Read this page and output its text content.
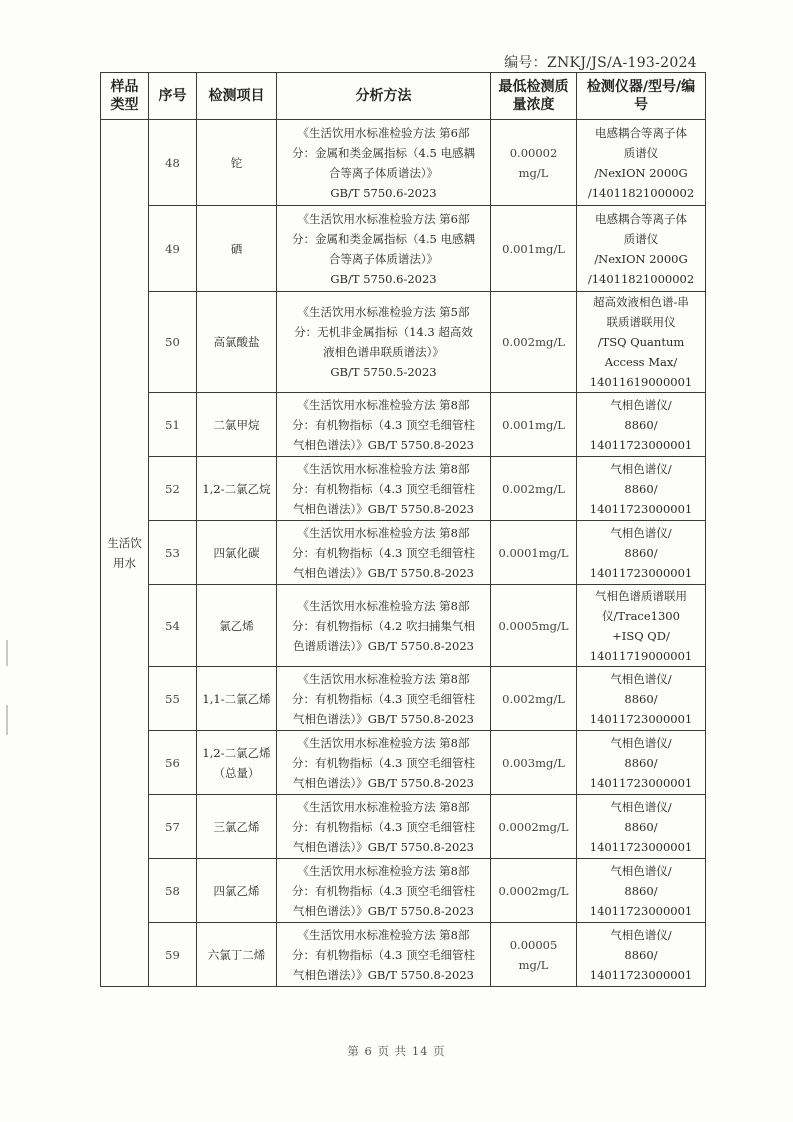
编号：ZNKJ/JS/A-193-2024
样品类型	序号	检测项目	分析方法	最低检测质量浓度	检测仪器/型号/编号
生活饮用水	48	铊	《生活饮用水标准检验方法 第6部
分：金属和类金属指标（4.5 电感耦
合等离子体质谱法）》
GB/T 5750.6-2023	0.00002
mg/L	电感耦合等离子体
质谱仪
/NexION 2000G
/14011821000002

	49	硒	《生活饮用水标准检验方法 第6部
分：金属和类金属指标（4.5 电感耦
合等离子体质谱法）》
GB/T 5750.6-2023	0.001mg/L	电感耦合等离子体
质谱仪
/NexION 2000G
/14011821000002

	50	高氯酸盐	《生活饮用水标准检验方法 第5部
分：无机非金属指标（14.3 超高效
液相色谱串联质谱法）》
GB/T 5750.5-2023	0.002mg/L	超高效液相色谱-串
联质谱联用仪
/TSQ Quantum
Access Max/
14011619000001

	51	二氯甲烷	《生活饮用水标准检验方法 第8部
分：有机物指标（4.3 顶空毛细管柱
气相色谱法）》GB/T 5750.8-2023	0.001mg/L	气相色谱仪/
8860/
14011723000001

	52	1,2-二氯乙烷	《生活饮用水标准检验方法 第8部
分：有机物指标（4.3 顶空毛细管柱
气相色谱法）》GB/T 5750.8-2023	0.002mg/L	气相色谱仪/
8860/
14011723000001

	53	四氯化碳	《生活饮用水标准检验方法 第8部
分：有机物指标（4.3 顶空毛细管柱
气相色谱法）》GB/T 5750.8-2023	0.0001mg/L	气相色谱仪/
8860/
14011723000001

	54	氯乙烯	《生活饮用水标准检验方法 第8部
分：有机物指标（4.2 吹扫捕集气相
色谱质谱法）》GB/T 5750.8-2023	0.0005mg/L	气相色谱质谱联用
仪/Trace1300
+ISQ QD/
14011719000001

	55	1,1-二氯乙烯	《生活饮用水标准检验方法 第8部
分：有机物指标（4.3 顶空毛细管柱
气相色谱法）》GB/T 5750.8-2023	0.002mg/L	气相色谱仪/
8860/
14011723000001

	56	1,2-二氯乙烯（总量）	《生活饮用水标准检验方法 第8部
分：有机物指标（4.3 顶空毛细管柱
气相色谱法）》GB/T 5750.8-2023	0.003mg/L	气相色谱仪/
8860/
14011723000001

	57	三氯乙烯	《生活饮用水标准检验方法 第8部
分：有机物指标（4.3 顶空毛细管柱
气相色谱法）》GB/T 5750.8-2023	0.0002mg/L	气相色谱仪/
8860/
14011723000001

	58	四氯乙烯	《生活饮用水标准检验方法 第8部
分：有机物指标（4.3 顶空毛细管柱
气相色谱法）》GB/T 5750.8-2023	0.0002mg/L	气相色谱仪/
8860/
14011723000001

	59	六氯丁二烯	《生活饮用水标准检验方法 第8部
分：有机物指标（4.3 顶空毛细管柱
气相色谱法）》GB/T 5750.8-2023	0.00005
mg/L	气相色谱仪/
8860/
14011723000001
第 6 页 共 14 页
